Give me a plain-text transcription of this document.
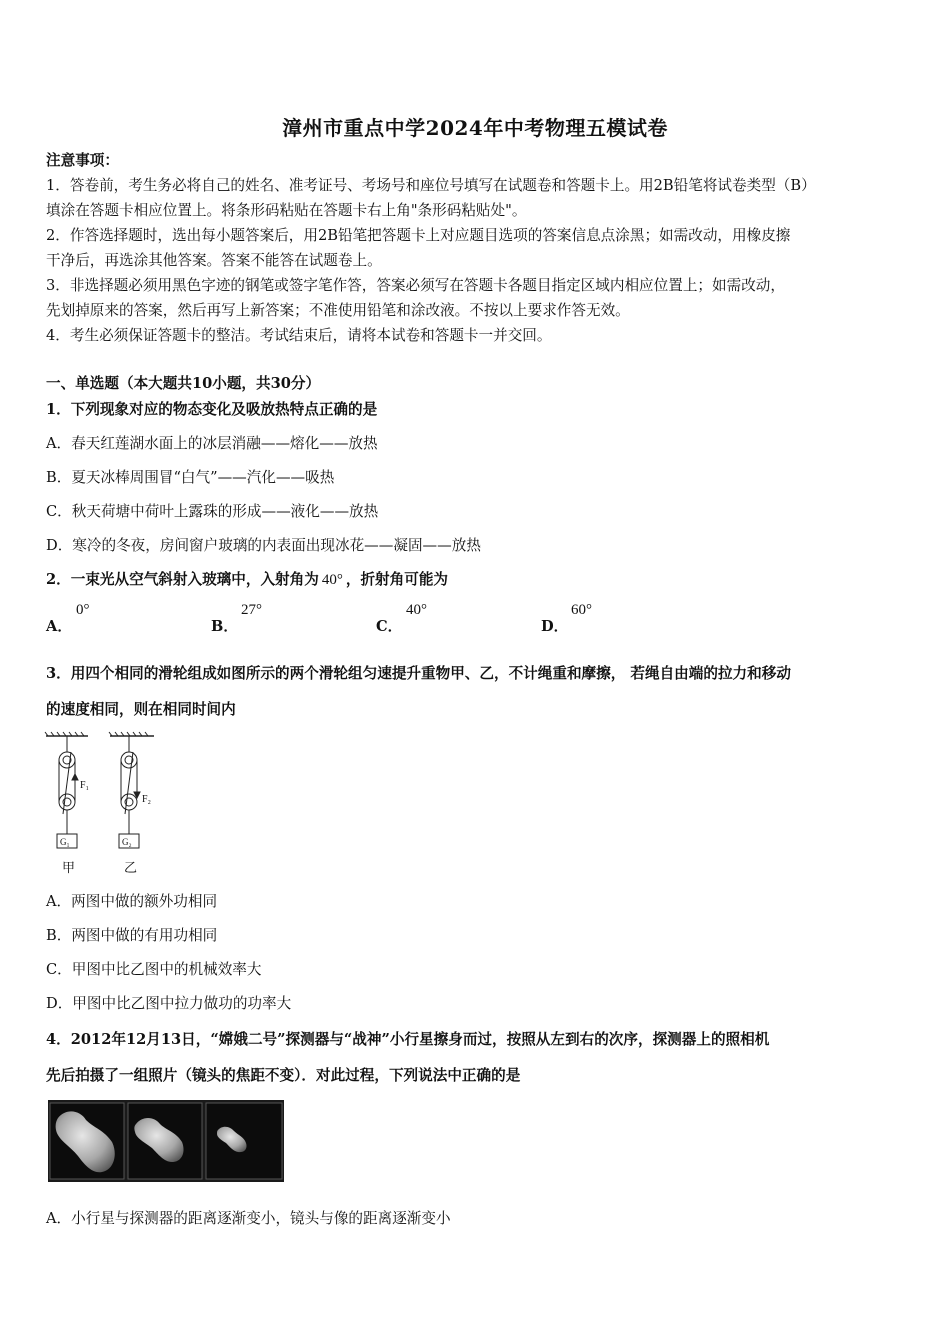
漳州市重点中学2024年中考物理五模试卷
注意事项：
1．答卷前，考生务必将自己的姓名、准考证号、考场号和座位号填写在试题卷和答题卡上。用2B铅笔将试卷类型（B）
填涂在答题卡相应位置上。将条形码粘贴在答题卡右上角"条形码粘贴处"。
2．作答选择题时，选出每小题答案后，用2B铅笔把答题卡上对应题目选项的答案信息点涂黑；如需改动，用橡皮擦
干净后，再选涂其他答案。答案不能答在试题卷上。
3．非选择题必须用黑色字迹的钢笔或签字笔作答，答案必须写在答题卡各题目指定区域内相应位置上；如需改动，
先划掉原来的答案，然后再写上新答案；不准使用铅笔和涂改液。不按以上要求作答无效。
4．考生必须保证答题卡的整洁。考试结束后，请将本试卷和答题卡一并交回。
一、单选题（本大题共10小题，共30分）
1．下列现象对应的物态变化及吸放热特点正确的是
A．春天红莲湖水面上的冰层消融——熔化——放热
B．夏天冰棒周围冒“白气”——汽化——吸热
C．秋天荷塘中荷叶上露珠的形成——液化——放热
D．寒冷的冬夜，房间窗户玻璃的内表面出现冰花——凝固——放热
2．一束光从空气斜射入玻璃中，入射角为 40° ，折射角可能为
A．
0°
B．
27°
C．
40°
D．
60°
3．用四个相同的滑轮组成如图所示的两个滑轮组匀速提升重物甲、乙，不计绳重和摩擦， 若绳自由端的拉力和移动
的速度相同，则在相同时间内
F₁
F₂
G₁	G₂
甲	乙
A．两图中做的额外功相同
B．两图中做的有用功相同
C．甲图中比乙图中的机械效率大
D．甲图中比乙图中拉力做功的功率大
4．2012年12月13日，“嫦娥二号”探测器与“战神”小行星擦身而过，按照从左到右的次序，探测器上的照相机
先后拍摄了一组照片（镜头的焦距不变）．对此过程，下列说法中正确的是
A．小行星与探测器的距离逐渐变小，镜头与像的距离逐渐变小
